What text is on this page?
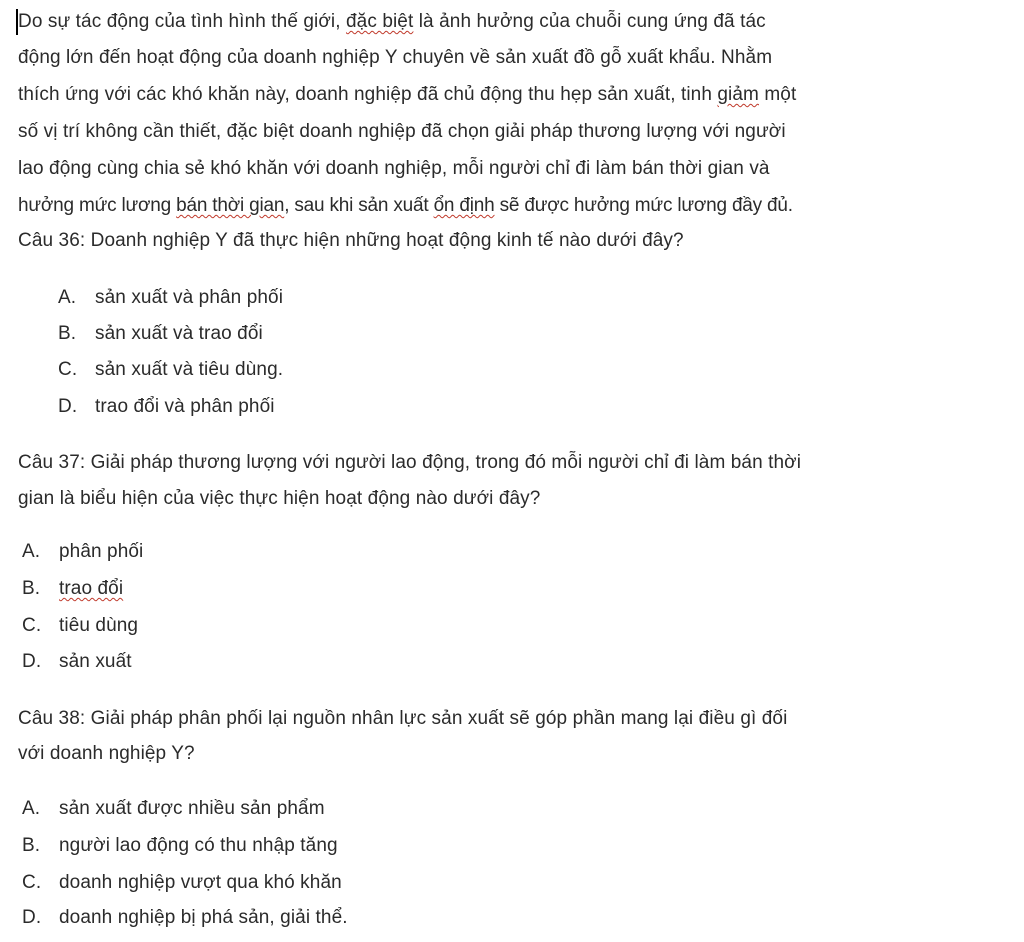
Do sự tác động của tình hình thế giới, đặc biệt là ảnh hưởng của chuỗi cung ứng đã tác
động lớn đến hoạt động của doanh nghiệp Y chuyên về sản xuất đồ gỗ xuất khẩu. Nhằm
thích ứng với các khó khăn này, doanh nghiệp đã chủ động thu hẹp sản xuất, tinh giảm một
số vị trí không cần thiết, đặc biệt doanh nghiệp đã chọn giải pháp thương lượng với người
lao động cùng chia sẻ khó khăn với doanh nghiệp, mỗi người chỉ đi làm bán thời gian và
hưởng mức lương bán thời gian, sau khi sản xuất ổn định sẽ được hưởng mức lương đầy đủ.
Câu 36: Doanh nghiệp Y đã thực hiện những hoạt động kinh tế nào dưới đây?
A. sản xuất và phân phối
B. sản xuất và trao đổi
C. sản xuất và tiêu dùng.
D. trao đổi và phân phối
Câu 37: Giải pháp thương lượng với người lao động, trong đó mỗi người chỉ đi làm bán thời
gian là biểu hiện của việc thực hiện hoạt động nào dưới đây?
A. phân phối
B. trao đổi
C. tiêu dùng
D. sản xuất
Câu 38: Giải pháp phân phối lại nguồn nhân lực sản xuất sẽ góp phần mang lại điều gì đối
với doanh nghiệp Y?
A. sản xuất được nhiều sản phẩm
B. người lao động có thu nhập tăng
C. doanh nghiệp vượt qua khó khăn
D. doanh nghiệp bị phá sản, giải thể.
